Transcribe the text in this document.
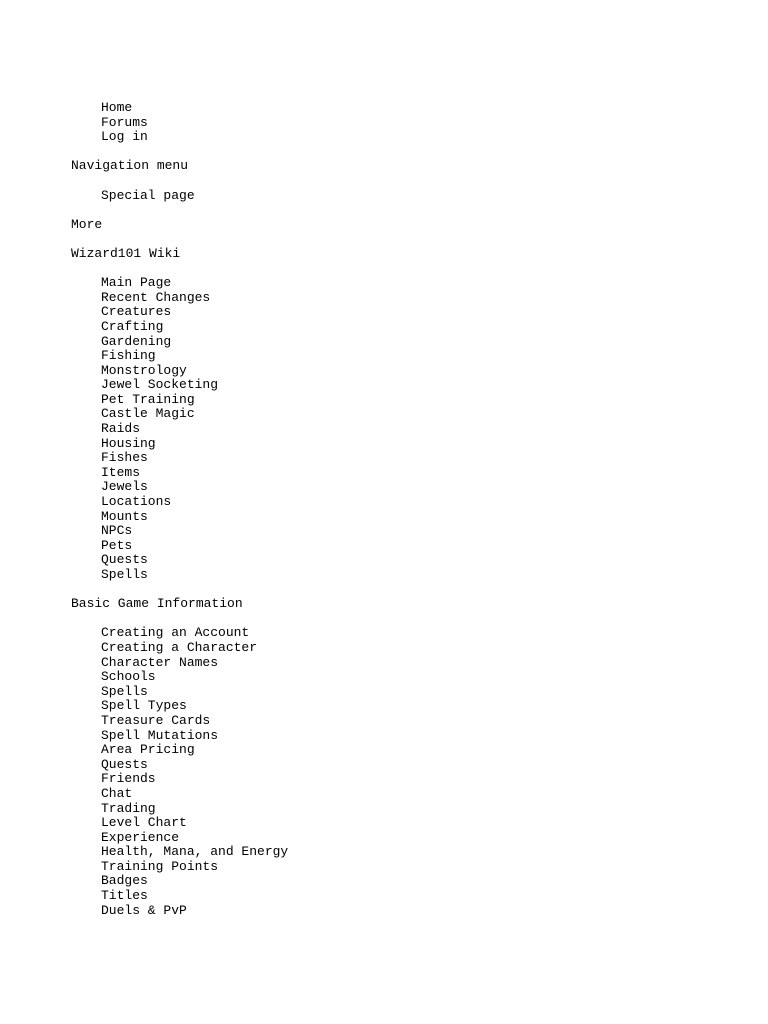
Home
Forums
Log in
Navigation menu
Special page
More
Wizard101 Wiki
Main Page
Recent Changes
Creatures
Crafting
Gardening
Fishing
Monstrology
Jewel Socketing
Pet Training
Castle Magic
Raids
Housing
Fishes
Items
Jewels
Locations
Mounts
NPCs
Pets
Quests
Spells
Basic Game Information
Creating an Account
Creating a Character
Character Names
Schools
Spells
Spell Types
Treasure Cards
Spell Mutations
Area Pricing
Quests
Friends
Chat
Trading
Level Chart
Experience
Health, Mana, and Energy
Training Points
Badges
Titles
Duels & PvP
